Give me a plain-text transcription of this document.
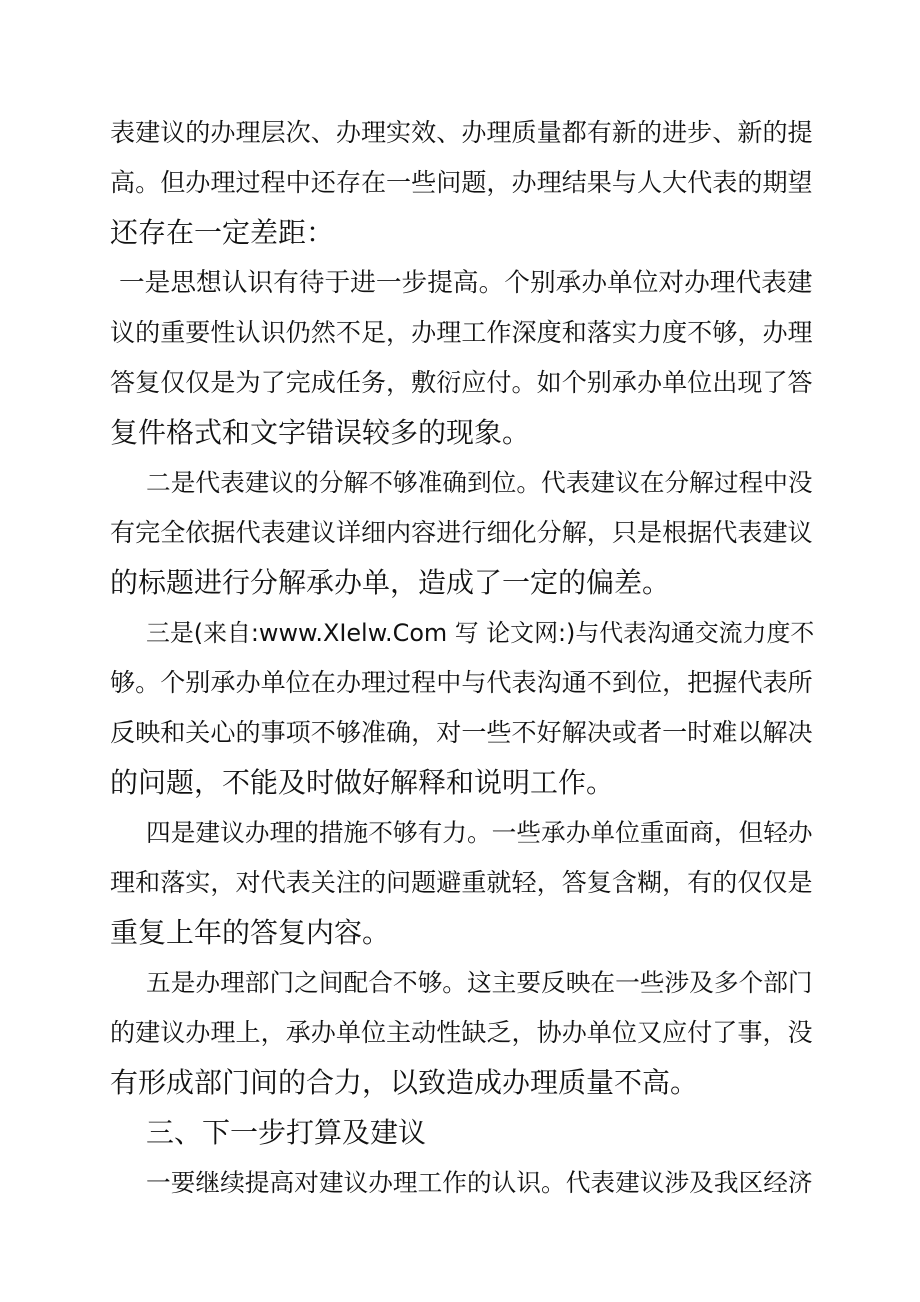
表建议的办理层次、办理实效、办理质量都有新的进步、新的提

高。但办理过程中还存在一些问题，办理结果与人大代表的期望

还存在一定差距：

一是思想认识有待于进一步提高。个别承办单位对办理代表建

议的重要性认识仍然不足，办理工作深度和落实力度不够，办理

答复仅仅是为了完成任务，敷衍应付。如个别承办单位出现了答

复件格式和文字错误较多的现象。

二是代表建议的分解不够准确到位。代表建议在分解过程中没

有完全依据代表建议详细内容进行细化分解，只是根据代表建议

的标题进行分解承办单，造成了一定的偏差。

三是(来自:www.XIelw.Com 写 论文网:)与代表沟通交流力度不

够。个别承办单位在办理过程中与代表沟通不到位，把握代表所

反映和关心的事项不够准确，对一些不好解决或者一时难以解决

的问题，不能及时做好解释和说明工作。

四是建议办理的措施不够有力。一些承办单位重面商，但轻办

理和落实，对代表关注的问题避重就轻，答复含糊，有的仅仅是

重复上年的答复内容。

五是办理部门之间配合不够。这主要反映在一些涉及多个部门

的建议办理上，承办单位主动性缺乏，协办单位又应付了事，没

有形成部门间的合力，以致造成办理质量不高。

三、下一步打算及建议

一要继续提高对建议办理工作的认识。代表建议涉及我区经济
